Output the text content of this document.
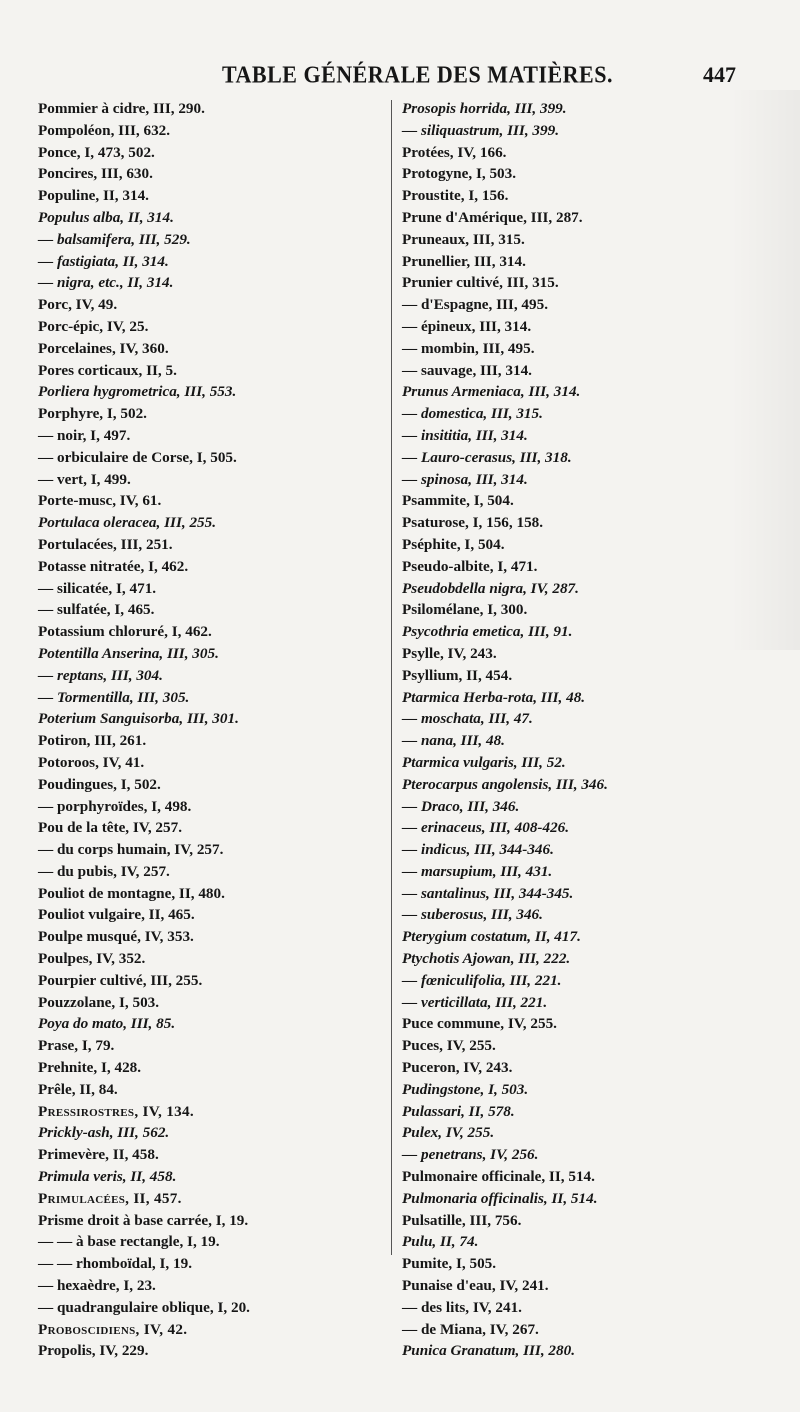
TABLE GÉNÉRALE DES MATIÈRES.	447
Pommier à cidre, III, 290.
Pompoléon, III, 632.
Ponce, I, 473, 502.
Poncires, III, 630.
Populine, II, 314.
Populus alba, II, 314.
— balsamifera, III, 529.
— fastigiata, II, 314.
— nigra, etc., II, 314.
Porc, IV, 49.
Porc-épic, IV, 25.
Porcelaines, IV, 360.
Pores corticaux, II, 5.
Porliera hygrometrica, III, 553.
Porphyre, I, 502.
— noir, I, 497.
— orbiculaire de Corse, I, 505.
— vert, I, 499.
Porte-musc, IV, 61.
Portulaca oleracea, III, 255.
Portulacées, III, 251.
Potasse nitratée, I, 462.
— silicatée, I, 471.
— sulfatée, I, 465.
Potassium chloruré, I, 462.
Potentilla Anserina, III, 305.
— reptans, III, 304.
— Tormentilla, III, 305.
Poterium Sanguisorba, III, 301.
Potiron, III, 261.
Potoroos, IV, 41.
Poudingues, I, 502.
— porphyroïdes, I, 498.
Pou de la tête, IV, 257.
— du corps humain, IV, 257.
— du pubis, IV, 257.
Pouliot de montagne, II, 480.
Pouliot vulgaire, II, 465.
Poulpe musqué, IV, 353.
Poulpes, IV, 352.
Pourpier cultivé, III, 255.
Pouzzolane, I, 503.
Poya do mato, III, 85.
Prase, I, 79.
Prehnite, I, 428.
Prêle, II, 84.
Pressirostres, IV, 134.
Prickly-ash, III, 562.
Primevère, II, 458.
Primula veris, II, 458.
Primulacées, II, 457.
Prisme droit à base carrée, I, 19.
— — à base rectangle, I, 19.
— — rhomboïdal, I, 19.
— hexaèdre, I, 23.
— quadrangulaire oblique, I, 20.
Proboscidiens, IV, 42.
Propolis, IV, 229.
Prosopis horrida, III, 399.
— siliquastrum, III, 399.
Protées, IV, 166.
Protogyne, I, 503.
Proustite, I, 156.
Prune d'Amérique, III, 287.
Pruneaux, III, 315.
Prunellier, III, 314.
Prunier cultivé, III, 315.
— d'Espagne, III, 495.
— épineux, III, 314.
— mombin, III, 495.
— sauvage, III, 314.
Prunus Armeniaca, III, 314.
— domestica, III, 315.
— insititia, III, 314.
— Lauro-cerasus, III, 318.
— spinosa, III, 314.
Psammite, I, 504.
Psaturose, I, 156, 158.
Pséphite, I, 504.
Pseudo-albite, I, 471.
Pseudobdella nigra, IV, 287.
Psilomélane, I, 300.
Psycothria emetica, III, 91.
Psylle, IV, 243.
Psyllium, II, 454.
Ptarmica Herba-rota, III, 48.
— moschata, III, 47.
— nana, III, 48.
Ptarmica vulgaris, III, 52.
Pterocarpus angolensis, III, 346.
— Draco, III, 346.
— erinaceus, III, 408-426.
— indicus, III, 344-346.
— marsupium, III, 431.
— santalinus, III, 344-345.
— suberosus, III, 346.
Pterygium costatum, II, 417.
Ptychotis Ajowan, III, 222.
— fœniculifolia, III, 221.
— verticillata, III, 221.
Puce commune, IV, 255.
Puces, IV, 255.
Puceron, IV, 243.
Pudingstone, I, 503.
Pulassari, II, 578.
Pulex, IV, 255.
— penetrans, IV, 256.
Pulmonaire officinale, II, 514.
Pulmonaria officinalis, II, 514.
Pulsatille, III, 756.
Pulu, II, 74.
Pumite, I, 505.
Punaise d'eau, IV, 241.
— des lits, IV, 241.
— de Miana, IV, 267.
Punica Granatum, III, 280.
